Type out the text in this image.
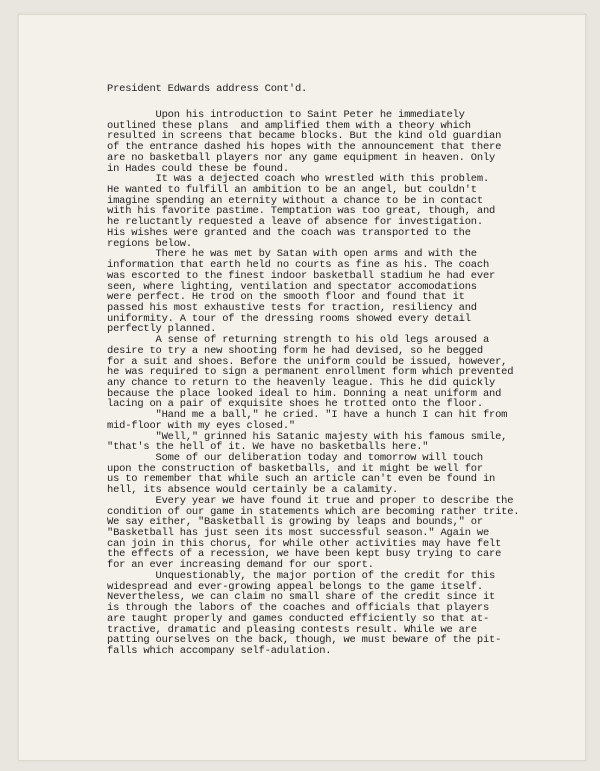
President Edwards address Cont'd.
Upon his introduction to Saint Peter he immediately
outlined these plans  and amplified them with a theory which
resulted in screens that became blocks. But the kind old guardian
of the entrance dashed his hopes with the announcement that there
are no basketball players nor any game equipment in heaven. Only
in Hades could these be found.
It was a dejected coach who wrestled with this problem.
He wanted to fulfill an ambition to be an angel, but couldn't
imagine spending an eternity without a chance to be in contact
with his favorite pastime. Temptation was too great, though, and
he reluctantly requested a leave of absence for investigation.
His wishes were granted and the coach was transported to the
regions below.
There he was met by Satan with open arms and with the
information that earth held no courts as fine as his. The coach
was escorted to the finest indoor basketball stadium he had ever
seen, where lighting, ventilation and spectator accomodations
were perfect. He trod on the smooth floor and found that it
passed his most exhaustive tests for traction, resiliency and
uniformity. A tour of the dressing rooms showed every detail
perfectly planned.
A sense of returning strength to his old legs aroused a
desire to try a new shooting form he had devised, so he begged
for a suit and shoes. Before the uniform could be issued, however,
he was required to sign a permanent enrollment form which prevented
any chance to return to the heavenly league. This he did quickly
because the place looked ideal to him. Donning a neat uniform and
lacing on a pair of exquisite shoes he trotted onto the floor.
"Hand me a ball," he cried. "I have a hunch I can hit from
mid-floor with my eyes closed."
"Well," grinned his Satanic majesty with his famous smile,
"that's the hell of it. We have no basketballs here."
Some of our deliberation today and tomorrow will touch
upon the construction of basketballs, and it might be well for
us to remember that while such an article can't even be found in
hell, its absence would certainly be a calamity.
Every year we have found it true and proper to describe the
condition of our game in statements which are becoming rather trite.
We say either, "Basketball is growing by leaps and bounds," or
"Basketball has just seen its most successful season." Again we
can join in this chorus, for while other activities may have felt
the effects of a recession, we have been kept busy trying to care
for an ever increasing demand for our sport.
Unquestionably, the major portion of the credit for this
widespread and ever-growing appeal belongs to the game itself.
Nevertheless, we can claim no small share of the credit since it
is through the labors of the coaches and officials that players
are taught properly and games conducted efficiently so that at-
tractive, dramatic and pleasing contests result. While we are
patting ourselves on the back, though, we must beware of the pit-
falls which accompany self-adulation.
